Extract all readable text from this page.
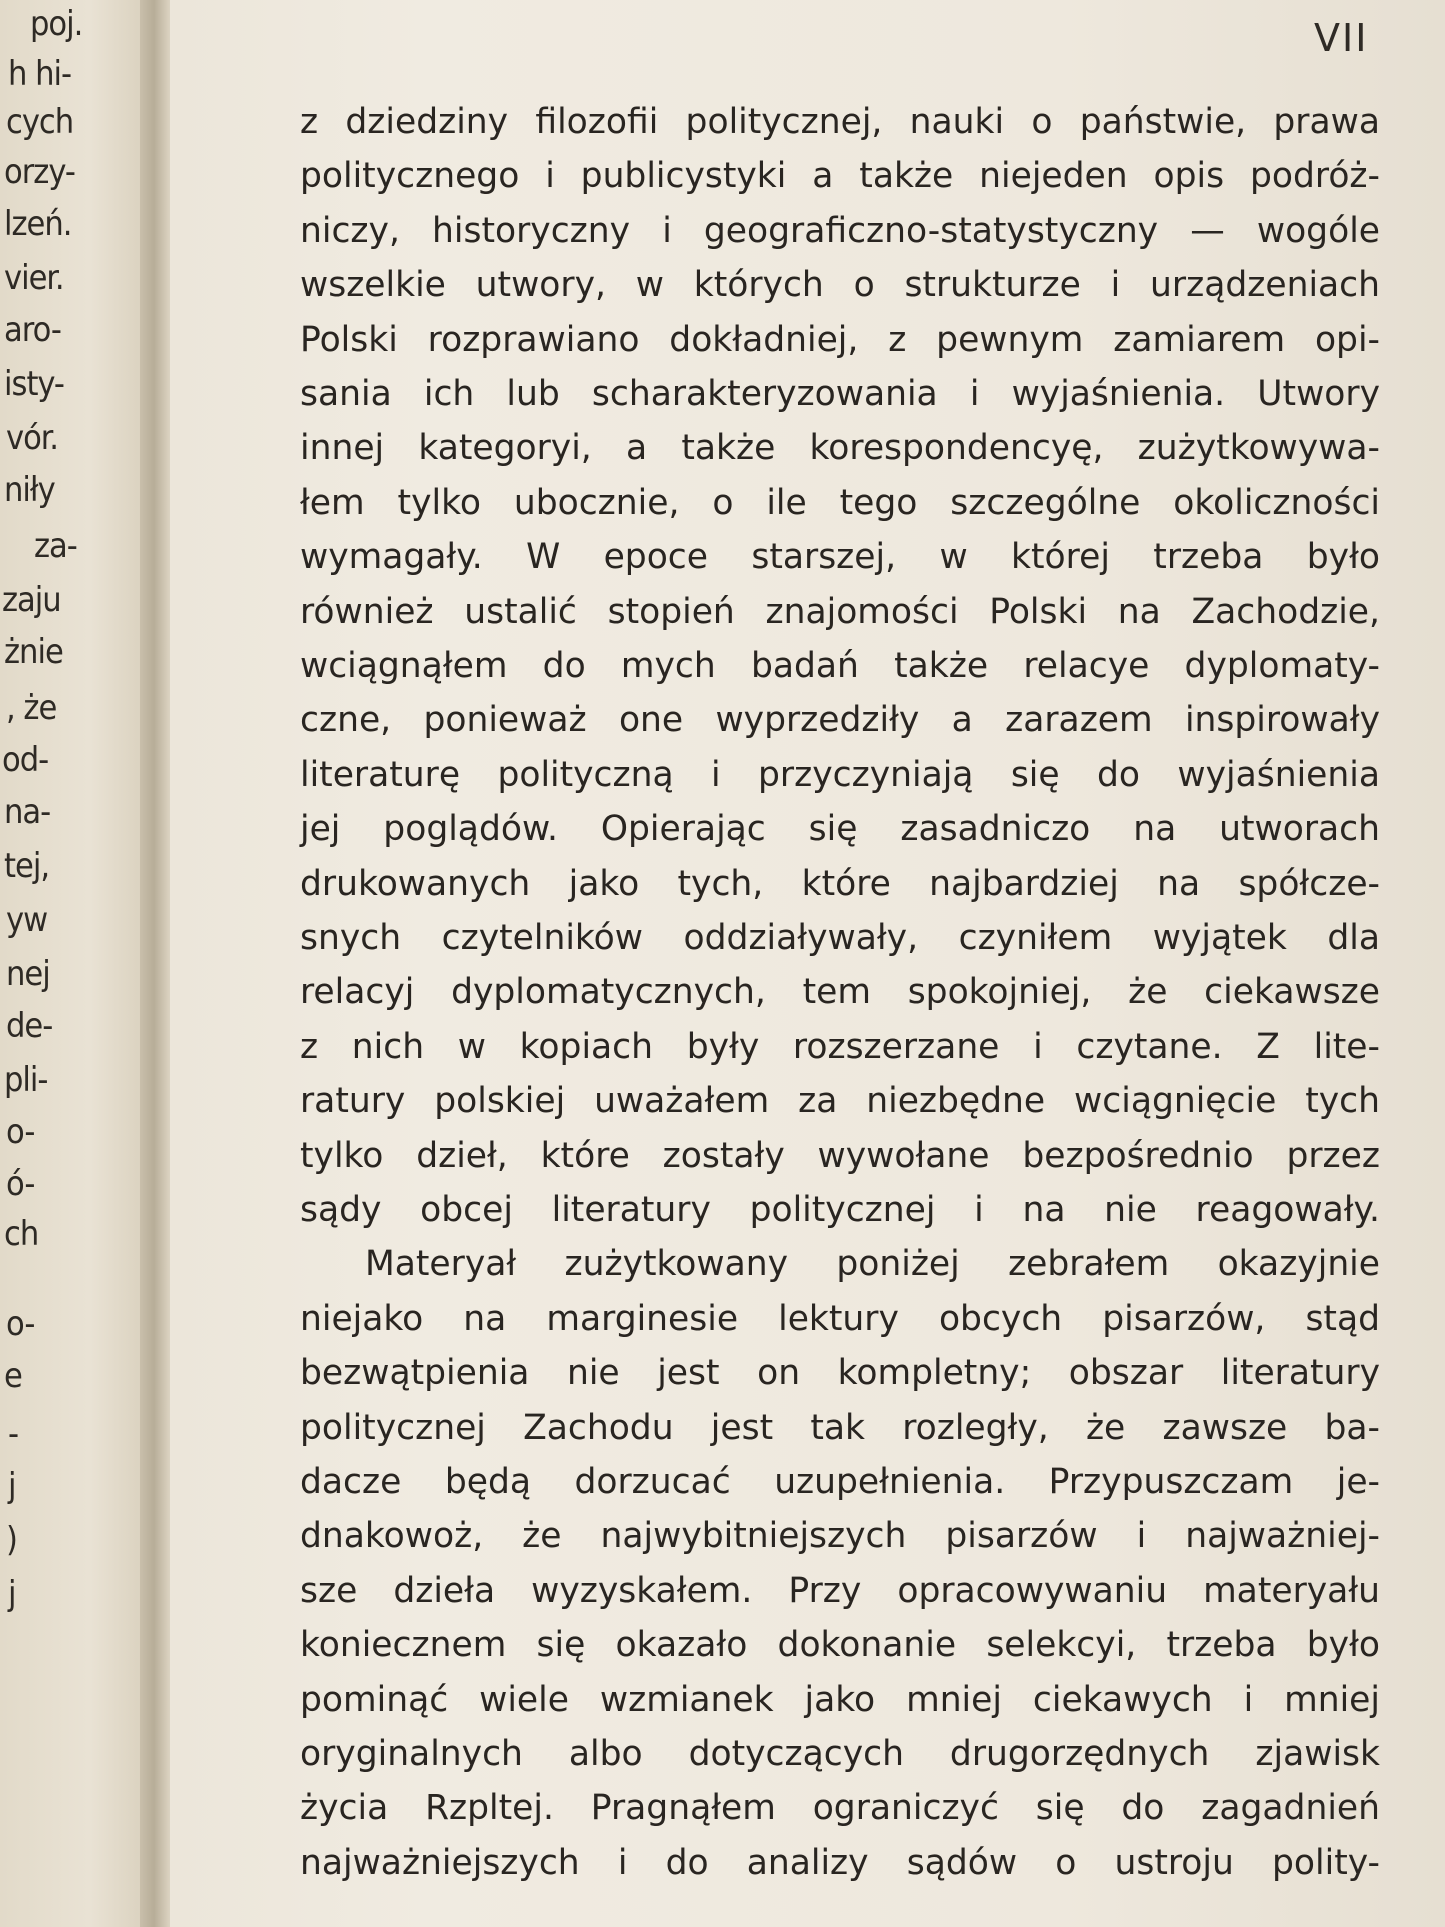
poj.
h hi-
cych
orzy-
lzeń.
vier.
aro-
isty-
vór.
niły
za-
zaju
żnie
, że
od-
na-
tej,
yw
nej
de-
pli-
o-
ó-
ch
o-
e
-
j
)
j
VII
z dziedziny filozofii politycznej, nauki o państwie, prawa
politycznego i publicystyki a także niejeden opis podróż-
niczy, historyczny i geograficzno-statystyczny — wogóle
wszelkie utwory, w których o strukturze i urządzeniach
Polski rozprawiano dokładniej, z pewnym zamiarem opi-
sania ich lub scharakteryzowania i wyjaśnienia. Utwory
innej kategoryi, a także korespondencyę, zużytkowywa-
łem tylko ubocznie, o ile tego szczególne okoliczności
wymagały. W epoce starszej, w której trzeba było
również ustalić stopień znajomości Polski na Zachodzie,
wciągnąłem do mych badań także relacye dyplomaty-
czne, ponieważ one wyprzedziły a zarazem inspirowały
literaturę polityczną i przyczyniają się do wyjaśnienia
jej poglądów. Opierając się zasadniczo na utworach
drukowanych jako tych, które najbardziej na spółcze-
snych czytelników oddziaływały, czyniłem wyjątek dla
relacyj dyplomatycznych, tem spokojniej, że ciekawsze
z nich w kopiach były rozszerzane i czytane. Z lite-
ratury polskiej uważałem za niezbędne wciągnięcie tych
tylko dzieł, które zostały wywołane bezpośrednio przez
sądy obcej literatury politycznej i na nie reagowały.
Materyał zużytkowany poniżej zebrałem okazyjnie
niejako na marginesie lektury obcych pisarzów, stąd
bezwątpienia nie jest on kompletny; obszar literatury
politycznej Zachodu jest tak rozległy, że zawsze ba-
dacze będą dorzucać uzupełnienia. Przypuszczam je-
dnakowoż, że najwybitniejszych pisarzów i najważniej-
sze dzieła wyzyskałem. Przy opracowywaniu materyału
koniecznem się okazało dokonanie selekcyi, trzeba było
pominąć wiele wzmianek jako mniej ciekawych i mniej
oryginalnych albo dotyczących drugorzędnych zjawisk
życia Rzpltej. Pragnąłem ograniczyć się do zagadnień
najważniejszych i do analizy sądów o ustroju polity-
